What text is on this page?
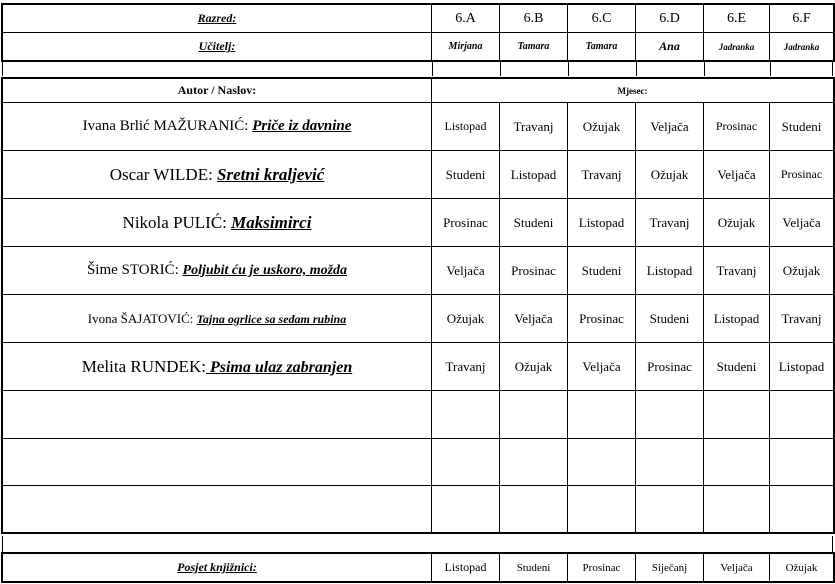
Razred:	6.A	6.B	6.C	6.D	6.E	6.F
Učitelj:	Mirjana	Tamara	Tamara	Ana	Jadranka	Jadranka
Autor / Naslov:	Mjesec:					
Ivana Brlić MAŽURANIĆ: Priče iz davnine	Listopad	Travanj	Ožujak	Veljača	Prosinac	Studeni
Oscar WILDE: Sretni kraljević	Studeni	Listopad	Travanj	Ožujak	Veljača	Prosinac
Nikola PULIĆ: Maksimirci	Prosinac	Studeni	Listopad	Travanj	Ožujak	Veljača
Šime STORIĆ: Poljubit ću je uskoro, možda	Veljača	Prosinac	Studeni	Listopad	Travanj	Ožujak
Ivona ŠAJATOVIĆ: Tajna ogrlice sa sedam rubina	Ožujak	Veljača	Prosinac	Studeni	Listopad	Travanj
Melita RUNDEK: Psima ulaz zabranjen	Travanj	Ožujak	Veljača	Prosinac	Studeni	Listopad

Posjet knjižnici:	Listopad	Studeni	Prosinac	Siječanj	Veljača	Ožujak
